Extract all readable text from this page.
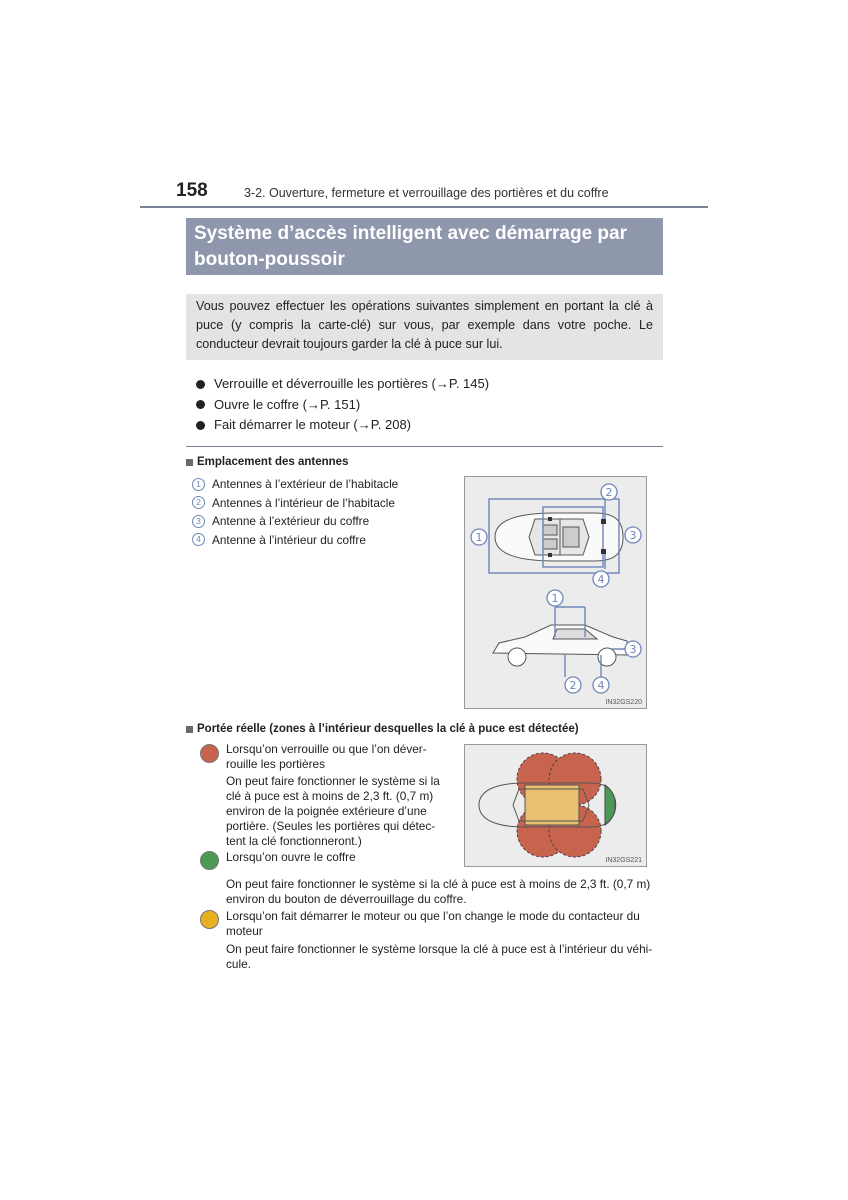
158	3-2. Ouverture, fermeture et verrouillage des portières et du coffre
Système d’accès intelligent avec démarrage par bouton-poussoir
Vous pouvez effectuer les opérations suivantes simplement en portant la clé à puce (y compris la carte-clé) sur vous, par exemple dans votre poche. Le conducteur devrait toujours garder la clé à puce sur lui.
Verrouille et déverrouille les portières (→P. 145)
Ouvre le coffre (→P. 151)
Fait démarrer le moteur (→P. 208)
Emplacement des antennes
1 Antennes à l’extérieur de l’habitacle
2 Antennes à l’intérieur de l’habitacle
3 Antenne à l’extérieur du coffre
4 Antenne à l’intérieur du coffre	1
2
3
4
1
3
2 4
IN32GS220
Portée réelle (zones à l’intérieur desquelles la clé à puce est détectée)
IN32GS221
Lorsqu’on verrouille ou que l’on déver-
rouille les portières
On peut faire fonctionner le système si la
clé à puce est à moins de 2,3 ft. (0,7 m)
environ de la poignée extérieure d’une
portière. (Seules les portières qui détec-
tent la clé fonctionneront.)
Lorsqu’on ouvre le coffre
On peut faire fonctionner le système si la clé à puce est à moins de 2,3 ft. (0,7 m)
environ du bouton de déverrouillage du coffre.
Lorsqu’on fait démarrer le moteur ou que l’on change le mode du contacteur du
moteur
On peut faire fonctionner le système lorsque la clé à puce est à l’intérieur du véhi-
cule.
